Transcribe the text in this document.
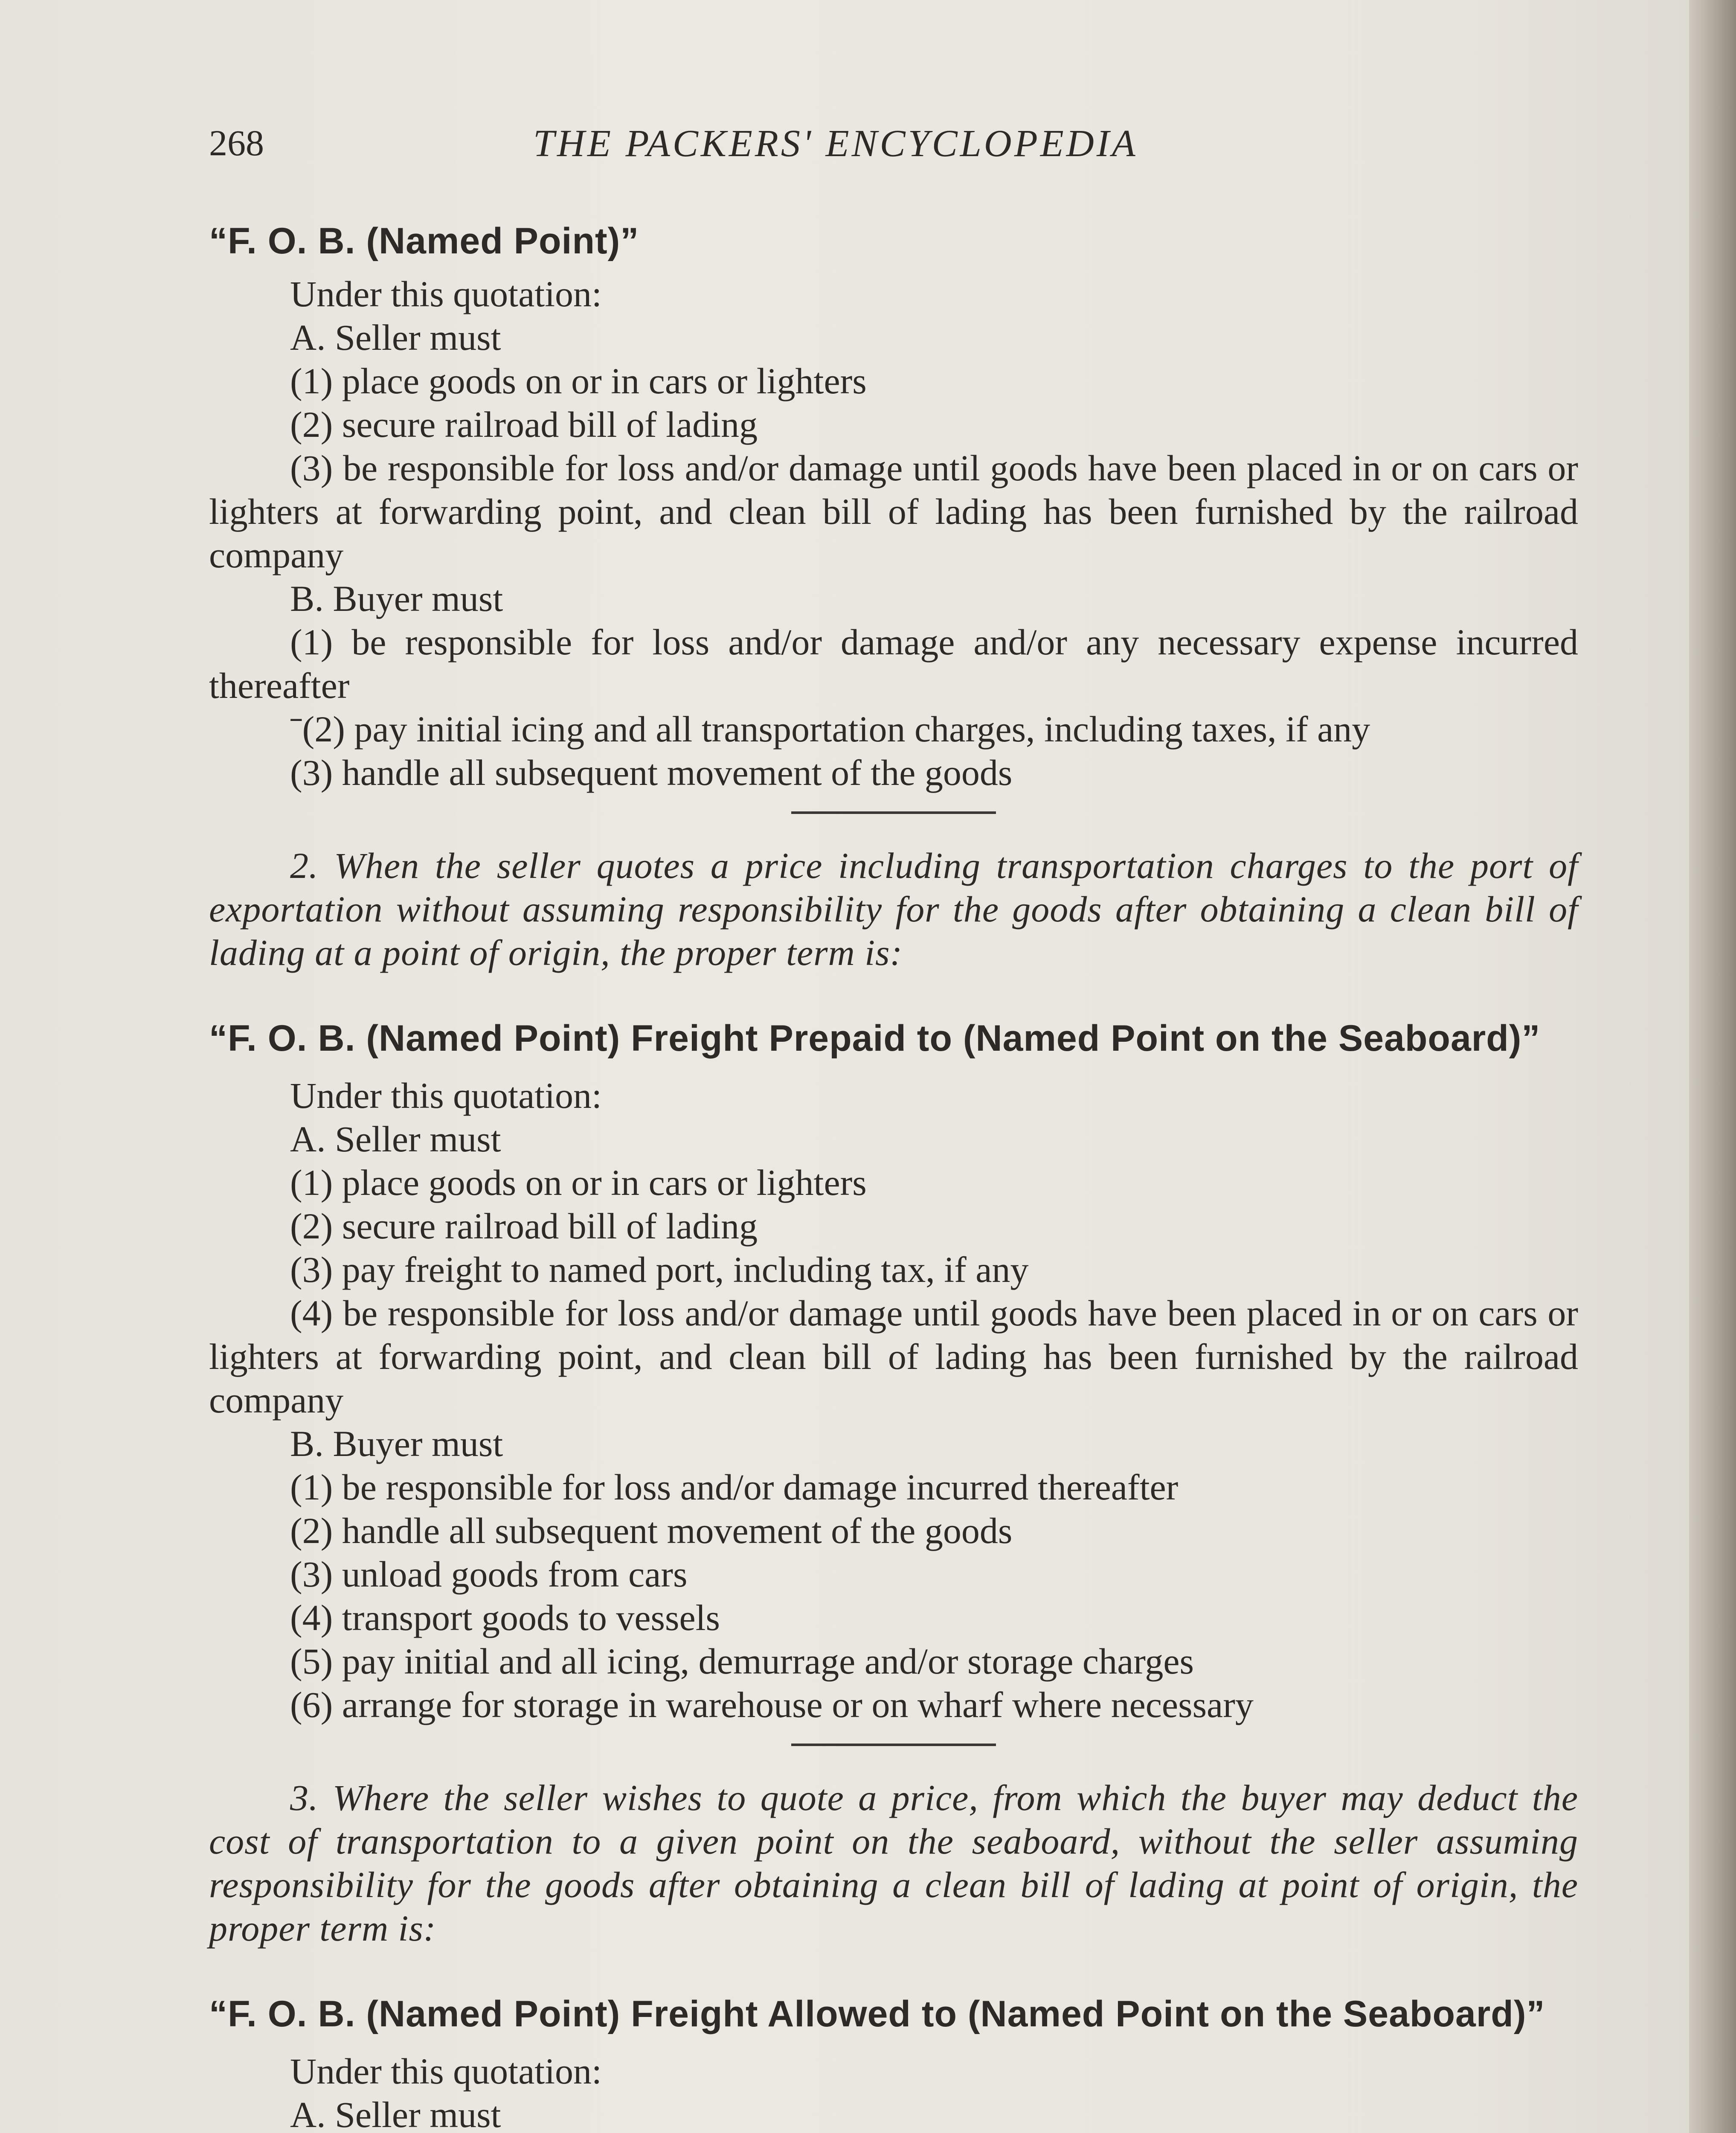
268	THE PACKERS' ENCYCLOPEDIA

“F. O. B. (Named Point)”

Under this quotation:

A. Seller must

(1) place goods on or in cars or lighters

(2) secure railroad bill of lading

(3) be responsible for loss and/or damage until goods have been placed in or on cars or lighters at forwarding point, and clean bill of lading has been furnished by the railroad company

B. Buyer must

(1) be responsible for loss and/or damage and/or any necessary expense incurred thereafter

ˉ(2) pay initial icing and all transportation charges, including taxes, if any

(3) handle all subsequent movement of the goods

2. When the seller quotes a price including transportation charges to the port of exportation without assuming responsibility for the goods after obtaining a clean bill of lading at a point of origin, the proper term is:

“F. O. B. (Named Point) Freight Prepaid to (Named Point on the Seaboard)”

Under this quotation:

A. Seller must

(1) place goods on or in cars or lighters

(2) secure railroad bill of lading

(3) pay freight to named port, including tax, if any

(4) be responsible for loss and/or damage until goods have been placed in or on cars or lighters at forwarding point, and clean bill of lading has been furnished by the railroad company

B. Buyer must

(1) be responsible for loss and/or damage incurred thereafter

(2) handle all subsequent movement of the goods

(3) unload goods from cars

(4) transport goods to vessels

(5) pay initial and all icing, demurrage and/or storage charges

(6) arrange for storage in warehouse or on wharf where necessary

3. Where the seller wishes to quote a price, from which the buyer may deduct the cost of transportation to a given point on the seaboard, without the seller assuming responsibility for the goods after obtaining a clean bill of lading at point of origin, the proper term is:

“F. O. B. (Named Point) Freight Allowed to (Named Point on the Seaboard)”

Under this quotation:

A. Seller must
